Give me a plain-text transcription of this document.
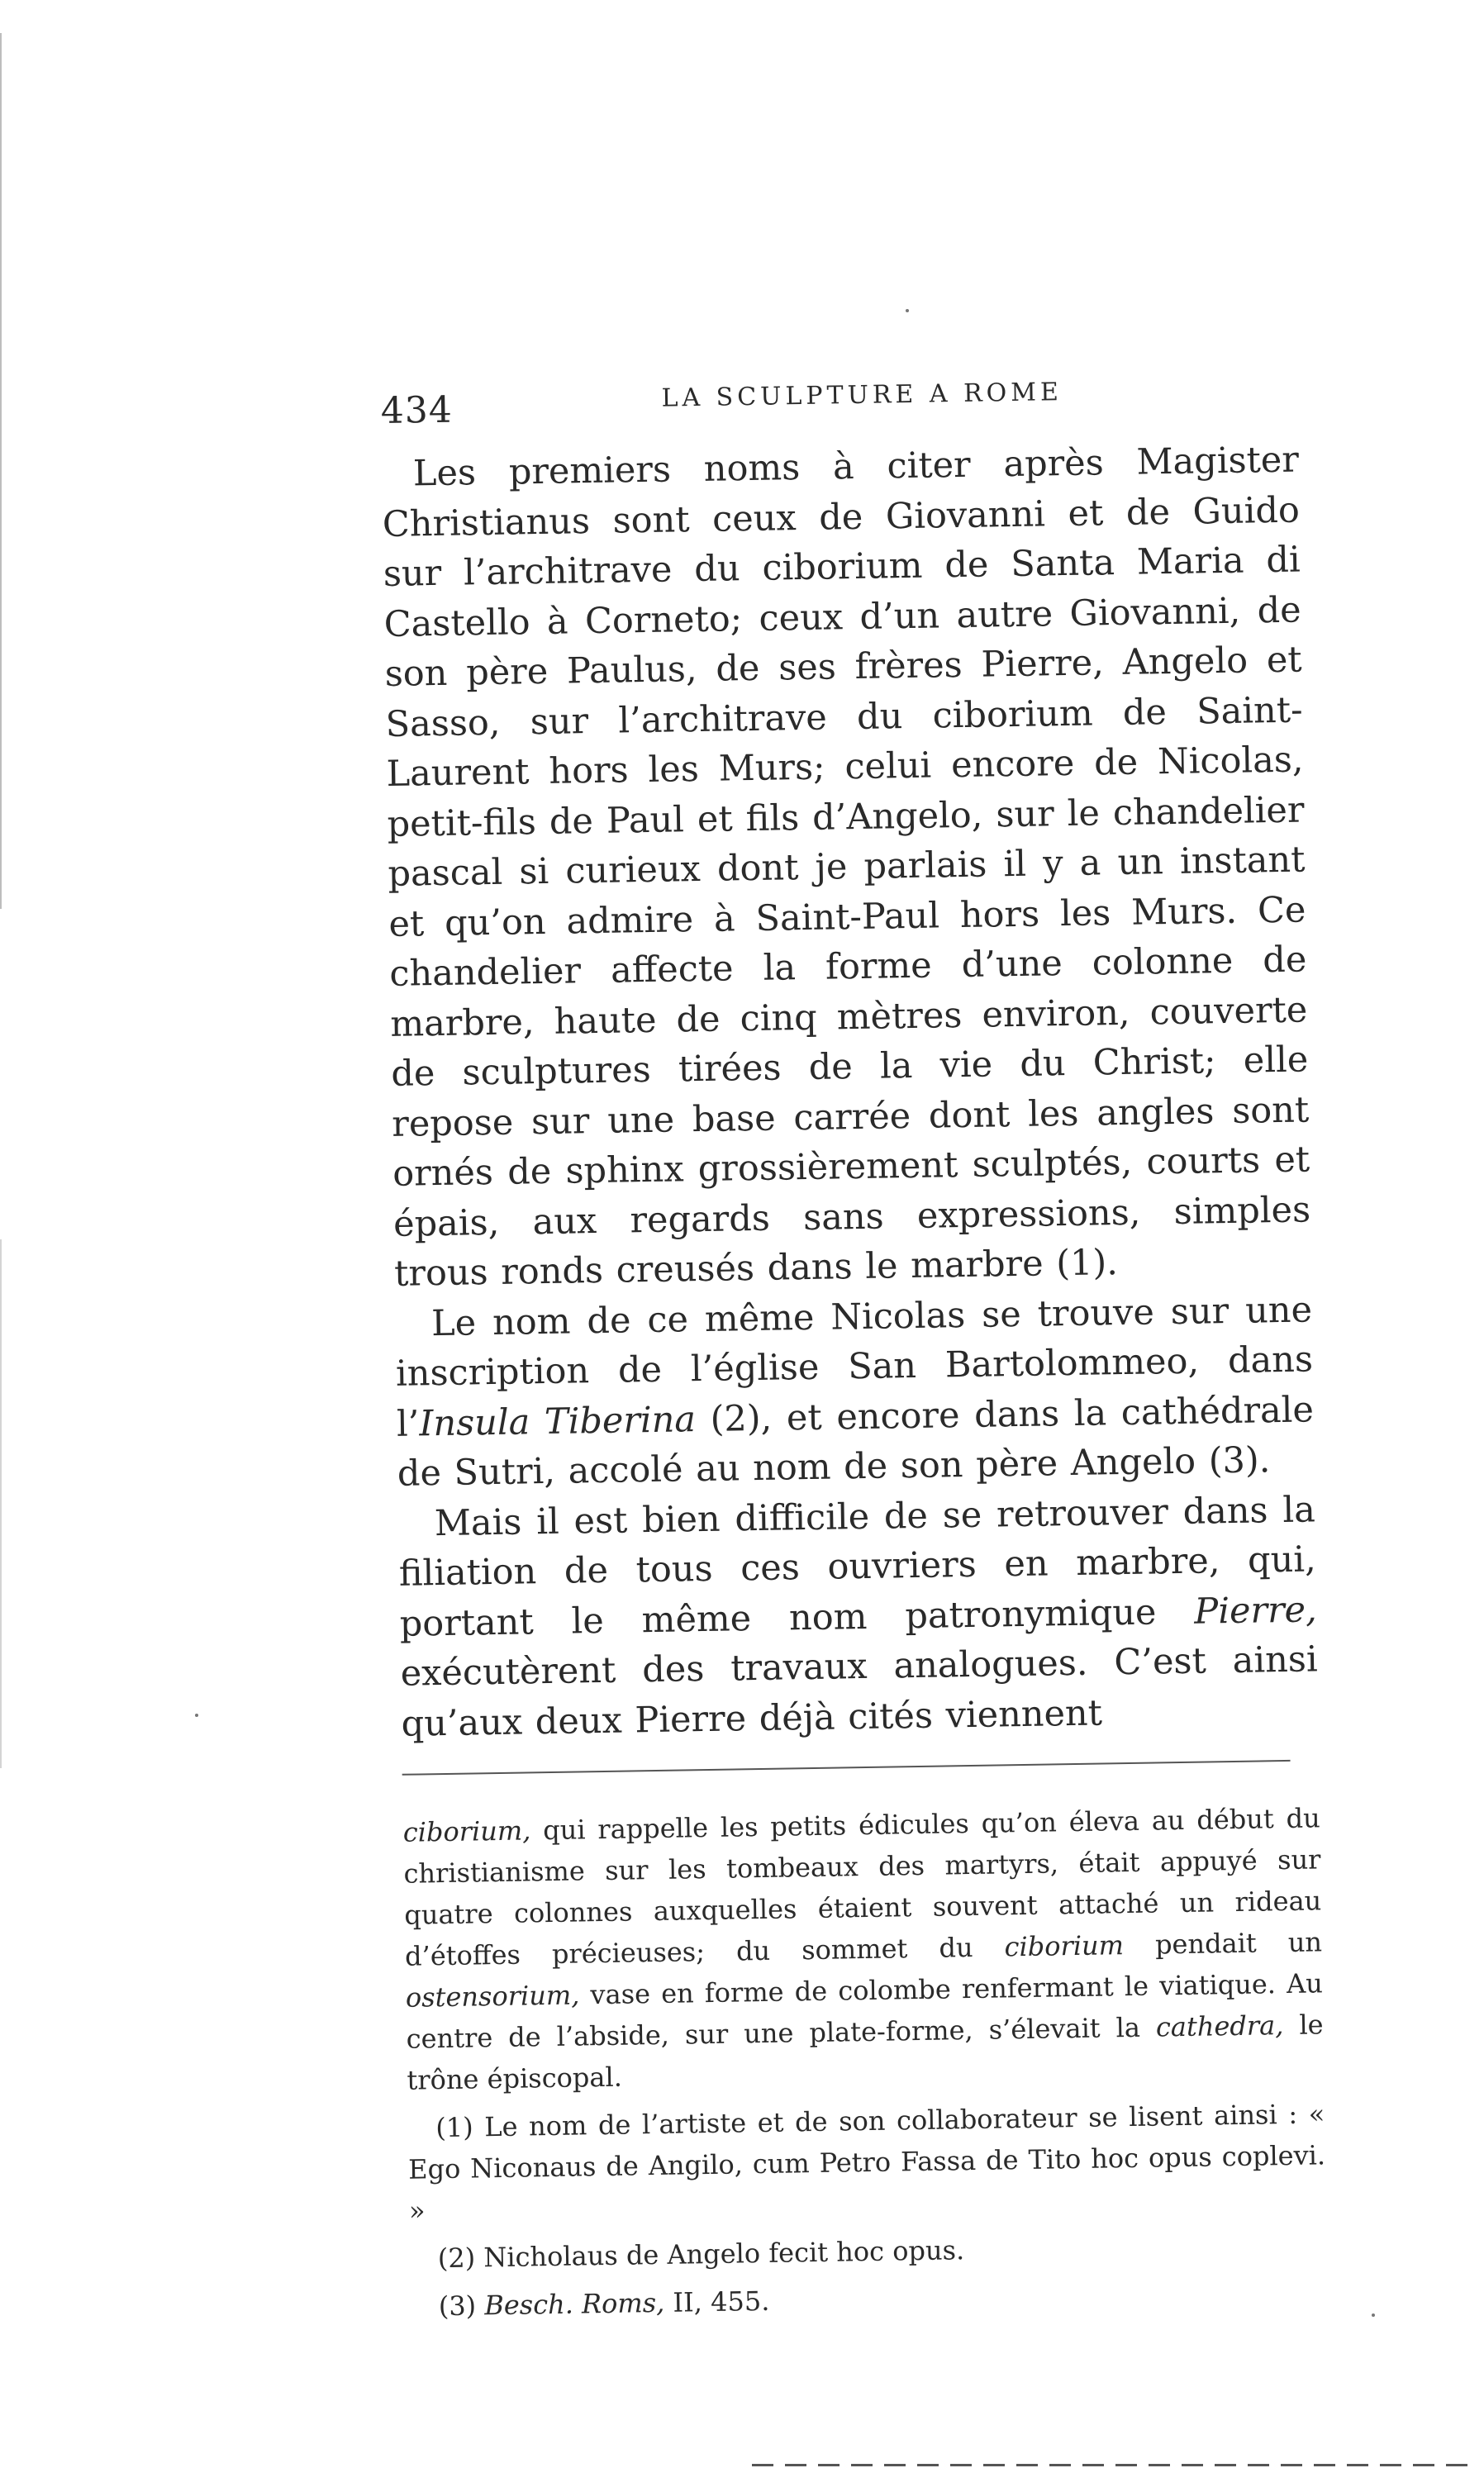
434	LA SCULPTURE A ROME

Les premiers noms à citer après Magister Christianus sont ceux de Giovanni et de Guido sur l’architrave du ciborium de Santa Maria di Castello à Corneto; ceux d’un autre Giovanni, de son père Paulus, de ses frères Pierre, Angelo et Sasso, sur l’architrave du ciborium de Saint-Laurent hors les Murs; celui encore de Nicolas, petit-fils de Paul et fils d’Angelo, sur le chandelier pascal si curieux dont je parlais il y a un instant et qu’on admire à Saint-Paul hors les Murs. Ce chandelier affecte la forme d’une colonne de marbre, haute de cinq mètres environ, couverte de sculptures tirées de la vie du Christ; elle repose sur une base carrée dont les angles sont ornés de sphinx grossièrement sculptés, courts et épais, aux regards sans expressions, simples trous ronds creusés dans le marbre (1).

Le nom de ce même Nicolas se trouve sur une inscription de l’église San Bartolommeo, dans l’Insula Tiberina (2), et encore dans la cathédrale de Sutri, accolé au nom de son père Angelo (3).

Mais il est bien difficile de se retrouver dans la filiation de tous ces ouvriers en marbre, qui, portant le même nom patronymique Pierre, exécutèrent des travaux analogues. C’est ainsi qu’aux deux Pierre déjà cités viennent

ciborium, qui rappelle les petits édicules qu’on éleva au début du christianisme sur les tombeaux des martyrs, était appuyé sur quatre colonnes auxquelles étaient souvent attaché un rideau d’étoffes précieuses; du sommet du ciborium pendait un ostensorium, vase en forme de colombe renfermant le viatique. Au centre de l’abside, sur une plate-forme, s’élevait la cathedra, le trône épiscopal.

(1) Le nom de l’artiste et de son collaborateur se lisent ainsi : « Ego Niconaus de Angilo, cum Petro Fassa de Tito hoc opus coplevi. »

(2) Nicholaus de Angelo fecit hoc opus.

(3) Besch. Roms, II, 455.
